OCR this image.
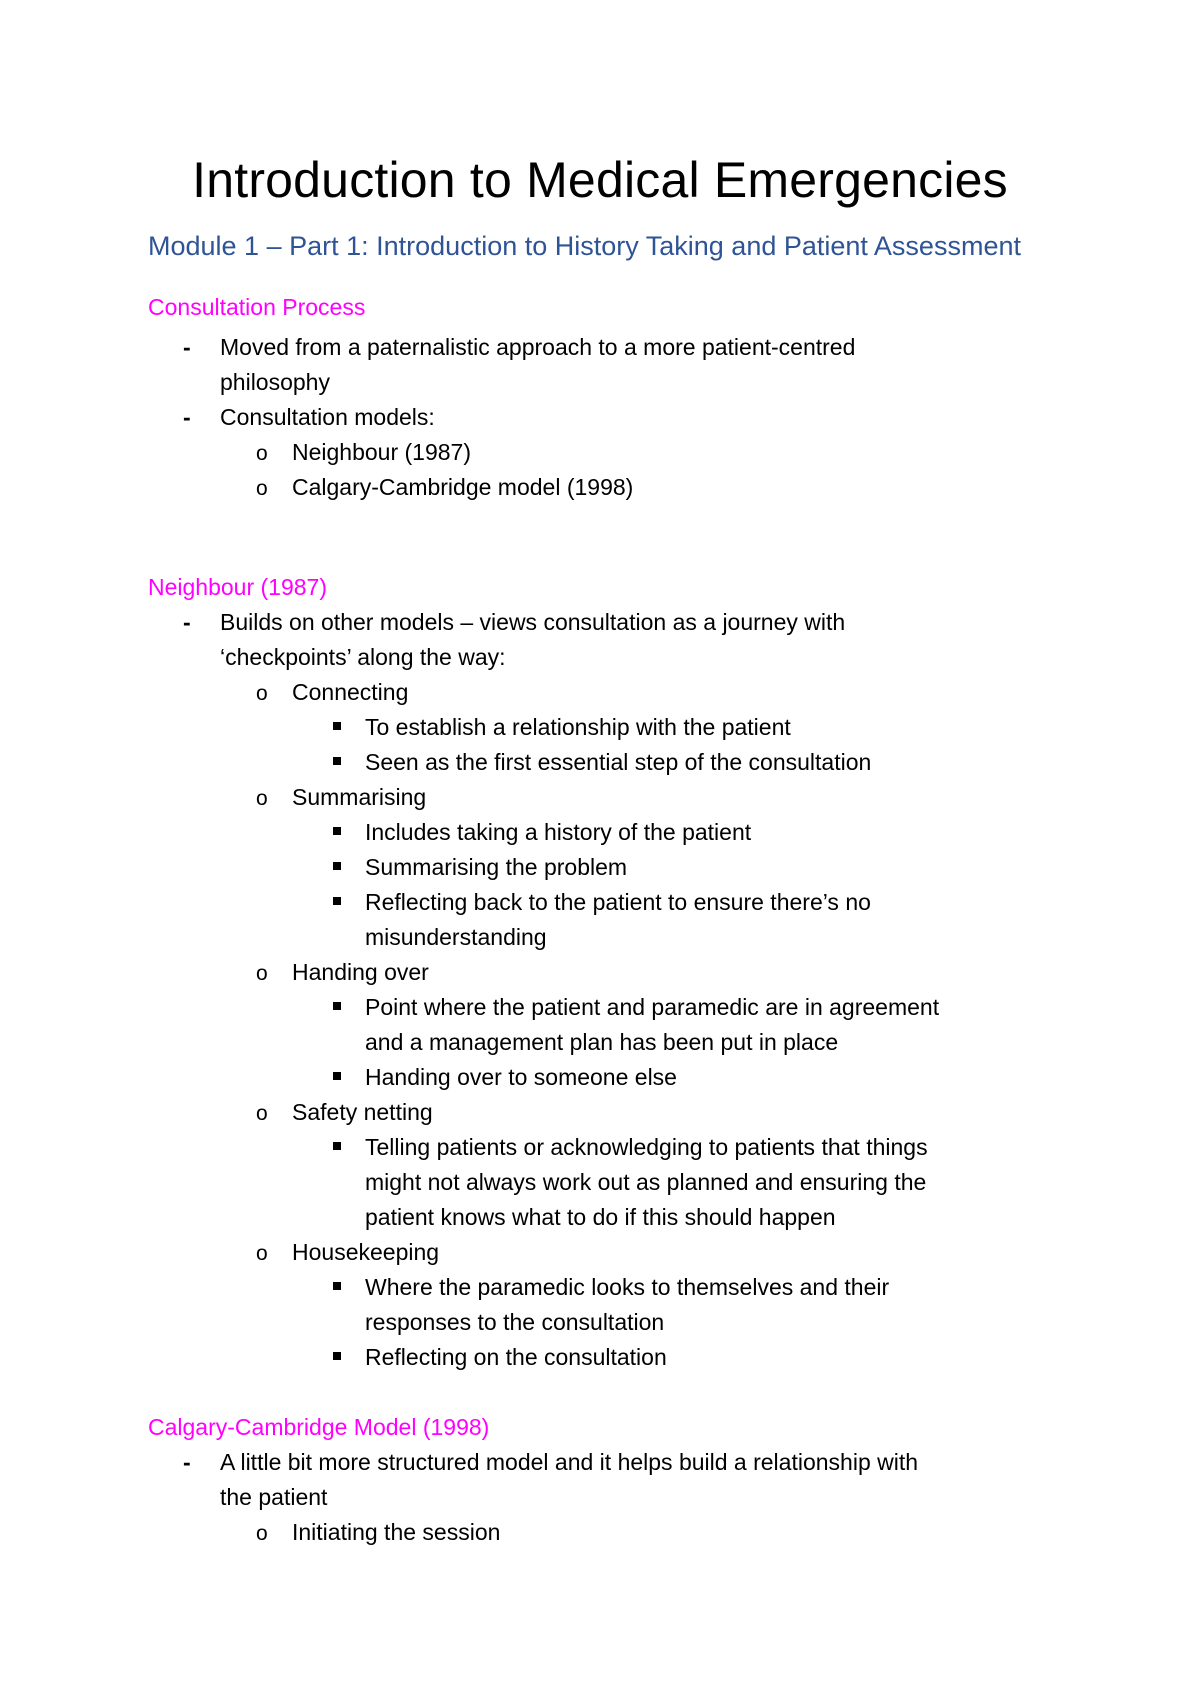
Introduction to Medical Emergencies
Module 1 – Part 1: Introduction to History Taking and Patient Assessment
Consultation Process
- Moved from a paternalistic approach to a more patient-centred
philosophy
- Consultation models:
o Neighbour (1987)
o Calgary-Cambridge model (1998)
Neighbour (1987)
- Builds on other models – views consultation as a journey with
‘checkpoints’ along the way:
o Connecting
To establish a relationship with the patient
Seen as the first essential step of the consultation
o Summarising
Includes taking a history of the patient
Summarising the problem
Reflecting back to the patient to ensure there’s no
misunderstanding
o Handing over
Point where the patient and paramedic are in agreement
and a management plan has been put in place
Handing over to someone else
o Safety netting
Telling patients or acknowledging to patients that things
might not always work out as planned and ensuring the
patient knows what to do if this should happen
o Housekeeping
Where the paramedic looks to themselves and their
responses to the consultation
Reflecting on the consultation
Calgary-Cambridge Model (1998)
- A little bit more structured model and it helps build a relationship with
the patient
o Initiating the session
